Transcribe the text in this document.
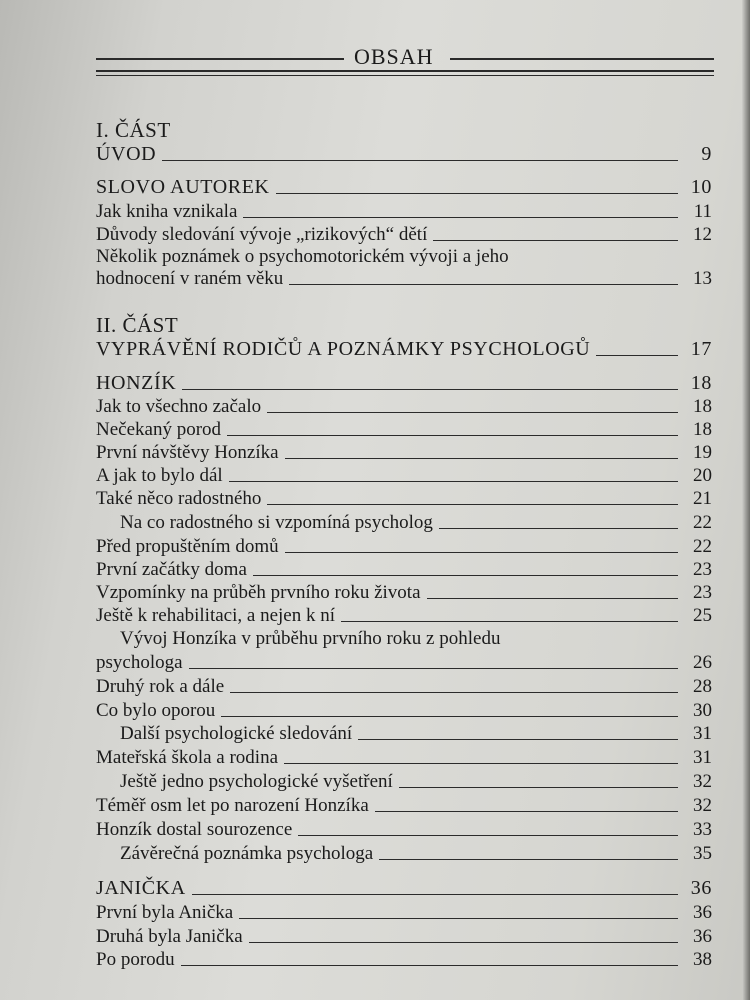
OBSAH
I. ČÁST
ÚVOD	9
SLOVO AUTOREK	10
Jak kniha vznikala	11
Důvody sledování vývoje „rizikových“ dětí	12
Několik poznámek o psychomotorickém vývoji a jeho
hodnocení v raném věku	13
II. ČÁST
VYPRÁVĚNÍ RODIČŮ A POZNÁMKY PSYCHOLOGŮ	17
HONZÍK	18
Jak to všechno začalo	18
Nečekaný porod	18
První návštěvy Honzíka	19
A jak to bylo dál	20
Také něco radostného	21
Na co radostného si vzpomíná psycholog	22
Před propuštěním domů	22
První začátky doma	23
Vzpomínky na průběh prvního roku života	23
Ještě k rehabilitaci, a nejen k ní	25
Vývoj Honzíka v průběhu prvního roku z pohledu
psychologa	26
Druhý rok a dále	28
Co bylo oporou	30
Další psychologické sledování	31
Mateřská škola a rodina	31
Ještě jedno psychologické vyšetření	32
Téměř osm let po narození Honzíka	32
Honzík dostal sourozence	33
Závěrečná poznámka psychologa	35
JANIČKA	36
První byla Anička	36
Druhá byla Janička	36
Po porodu	38
